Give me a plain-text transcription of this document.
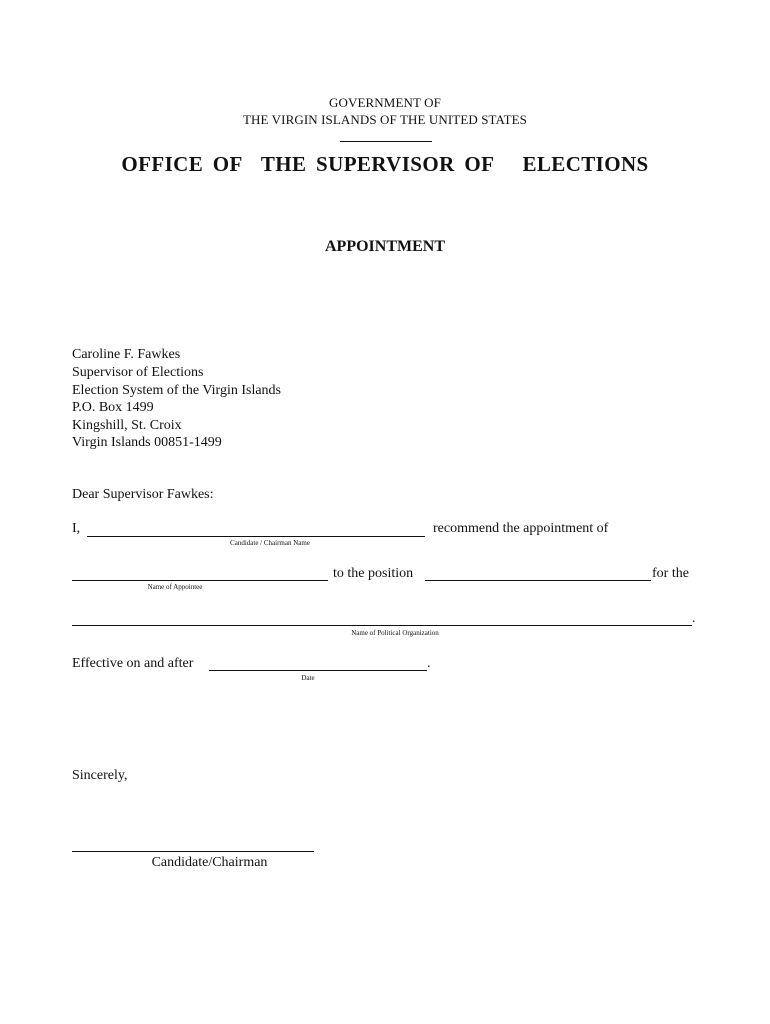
GOVERNMENT OF
THE VIRGIN ISLANDS OF THE UNITED STATES
OFFICE OF  THE SUPERVISOR OF   ELECTIONS
APPOINTMENT
Caroline F. Fawkes
Supervisor of Elections
Election System of the Virgin Islands
P.O. Box 1499
Kingshill, St. Croix
Virgin Islands 00851-1499
Dear Supervisor Fawkes:
I,	recommend the appointment of
Candidate / Chairman Name
to the position	for the
Name of Appointee
.
Name of Political Organization
Effective on and after	.
Date
Sincerely,
Candidate/Chairman
